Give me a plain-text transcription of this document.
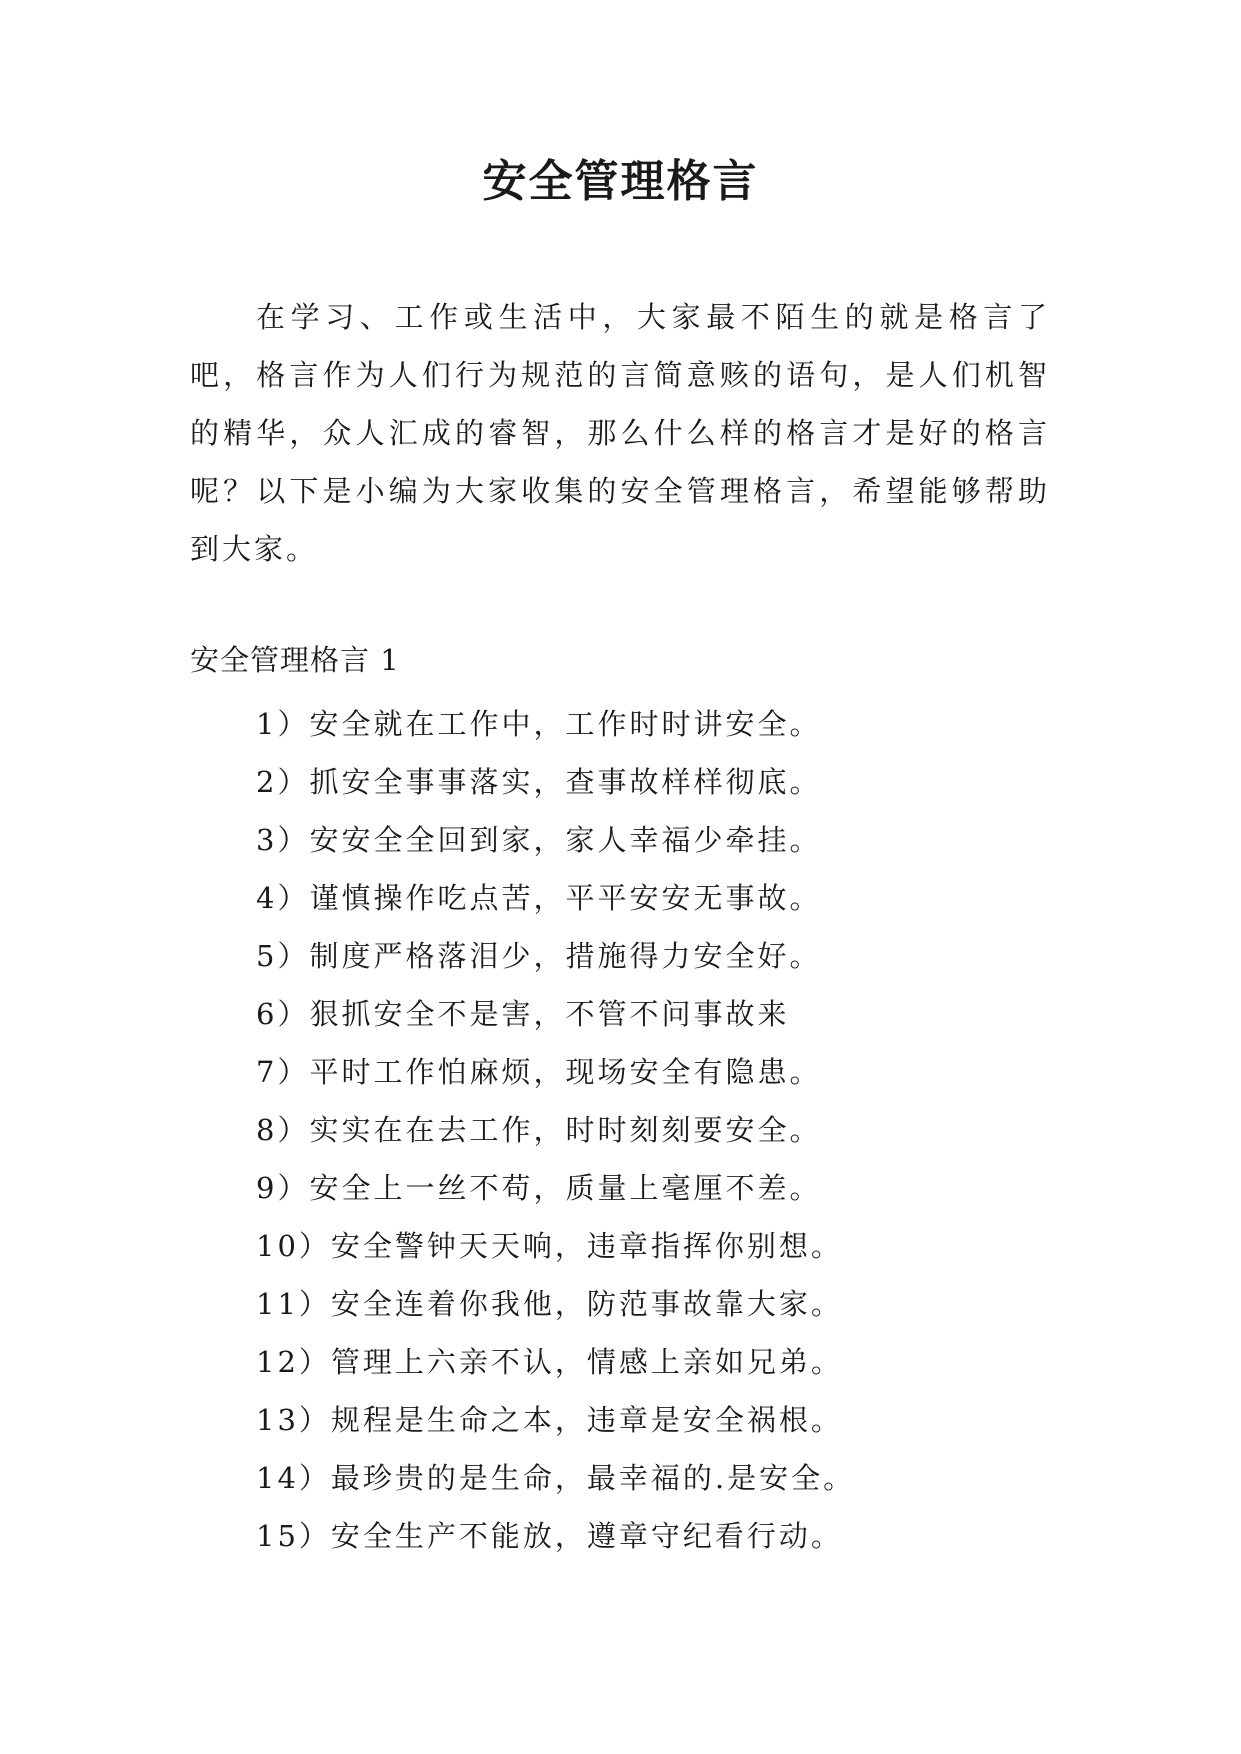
安全管理格言

在学习、工作或生活中，大家最不陌生的就是格言了吧，格言作为人们行为规范的言简意赅的语句，是人们机智的精华，众人汇成的睿智，那么什么样的格言才是好的格言呢？以下是小编为大家收集的安全管理格言，希望能够帮助到大家。

安全管理格言 1

1）安全就在工作中，工作时时讲安全。
2）抓安全事事落实，查事故样样彻底。
3）安安全全回到家，家人幸福少牵挂。
4）谨慎操作吃点苦，平平安安无事故。
5）制度严格落泪少，措施得力安全好。
6）狠抓安全不是害，不管不问事故来
7）平时工作怕麻烦，现场安全有隐患。
8）实实在在去工作，时时刻刻要安全。
9）安全上一丝不苟，质量上毫厘不差。
10）安全警钟天天响，违章指挥你别想。
11）安全连着你我他，防范事故靠大家。
12）管理上六亲不认，情感上亲如兄弟。
13）规程是生命之本，违章是安全祸根。
14）最珍贵的是生命，最幸福的.是安全。
15）安全生产不能放，遵章守纪看行动。
